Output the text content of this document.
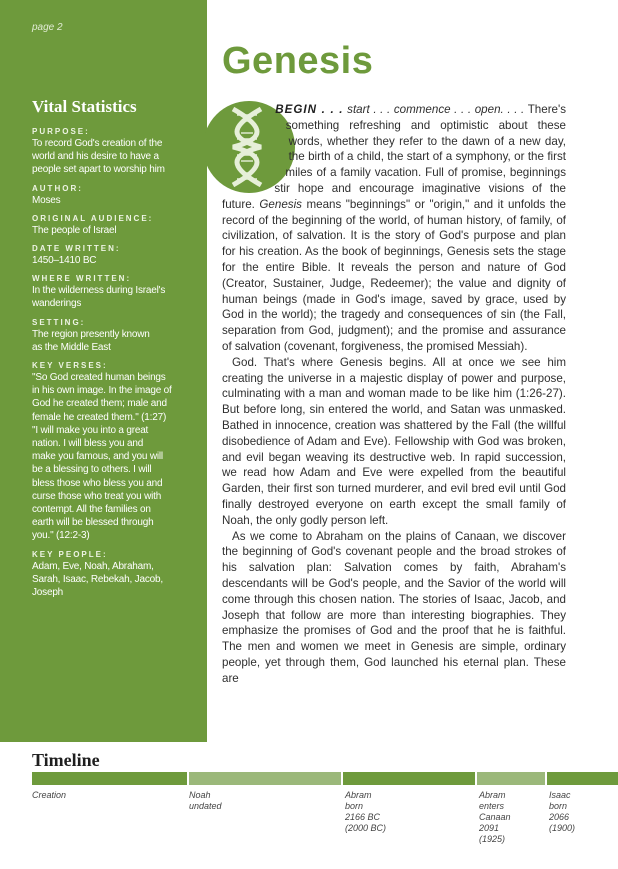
page 2
Vital Statistics
PURPOSE:
To record God's creation of the
world and his desire to have a
people set apart to worship him
AUTHOR:
Moses
ORIGINAL AUDIENCE:
The people of Israel
DATE WRITTEN:
1450–1410 BC
WHERE WRITTEN:
In the wilderness during Israel's
wanderings
SETTING:
The region presently known
as the Middle East
KEY VERSES:
"So God created human beings
in his own image. In the image of
God he created them; male and
female he created them." (1:27)
"I will make you into a great
nation. I will bless you and
make you famous, and you will
be a blessing to others. I will
bless those who bless you and
curse those who treat you with
contempt. All the families on
earth will be blessed through
you." (12:2-3)
KEY PEOPLE:
Adam, Eve, Noah, Abraham,
Sarah, Isaac, Rebekah, Jacob,
Joseph
Genesis

BEGIN . . . start . . . commence . . . open. . . . There's something refreshing and optimistic about these words, whether they refer to the dawn of a new day, the birth of a child, the start of a symphony, or the first miles of a family vacation. Full of promise, beginnings stir hope and encourage imaginative visions of the future. Genesis means "beginnings" or "origin," and it unfolds the record of the beginning of the world, of human history, of family, of civilization, of salvation. It is the story of God's purpose and plan for his creation. As the book of beginnings, Genesis sets the stage for the entire Bible. It reveals the person and nature of God (Creator, Sustainer, Judge, Redeemer); the value and dignity of human beings (made in God's image, saved by grace, used by God in the world); the tragedy and consequences of sin (the Fall, separation from God, judgment); and the promise and assurance of salvation (covenant, forgiveness, the promised Messiah).

God. That's where Genesis begins. All at once we see him creating the universe in a majestic display of power and purpose, culminating with a man and woman made to be like him (1:26-27). But before long, sin entered the world, and Satan was unmasked. Bathed in innocence, creation was shattered by the Fall (the willful disobedience of Adam and Eve). Fellowship with God was broken, and evil began weaving its destructive web. In rapid succession, we read how Adam and Eve were expelled from the beautiful Garden, their first son turned murderer, and evil bred evil until God finally destroyed everyone on earth except the small family of Noah, the only godly person left.

As we come to Abraham on the plains of Canaan, we discover the beginning of God's covenant people and the broad strokes of his salvation plan: Salvation comes by faith, Abraham's descendants will be God's people, and the Savior of the world will come through this chosen nation. The stories of Isaac, Jacob, and Joseph that follow are more than interesting biographies. They emphasize the promises of God and the proof that he is faithful. The men and women we meet in Genesis are simple, ordinary people, yet through them, God launched his eternal plan. These are

Timeline
Creation	Noah
undated
Abram
born
2166 BC
(2000 BC)
Abram
enters
Canaan
2091
(1925)
Isaac
born
2066
(1900)
